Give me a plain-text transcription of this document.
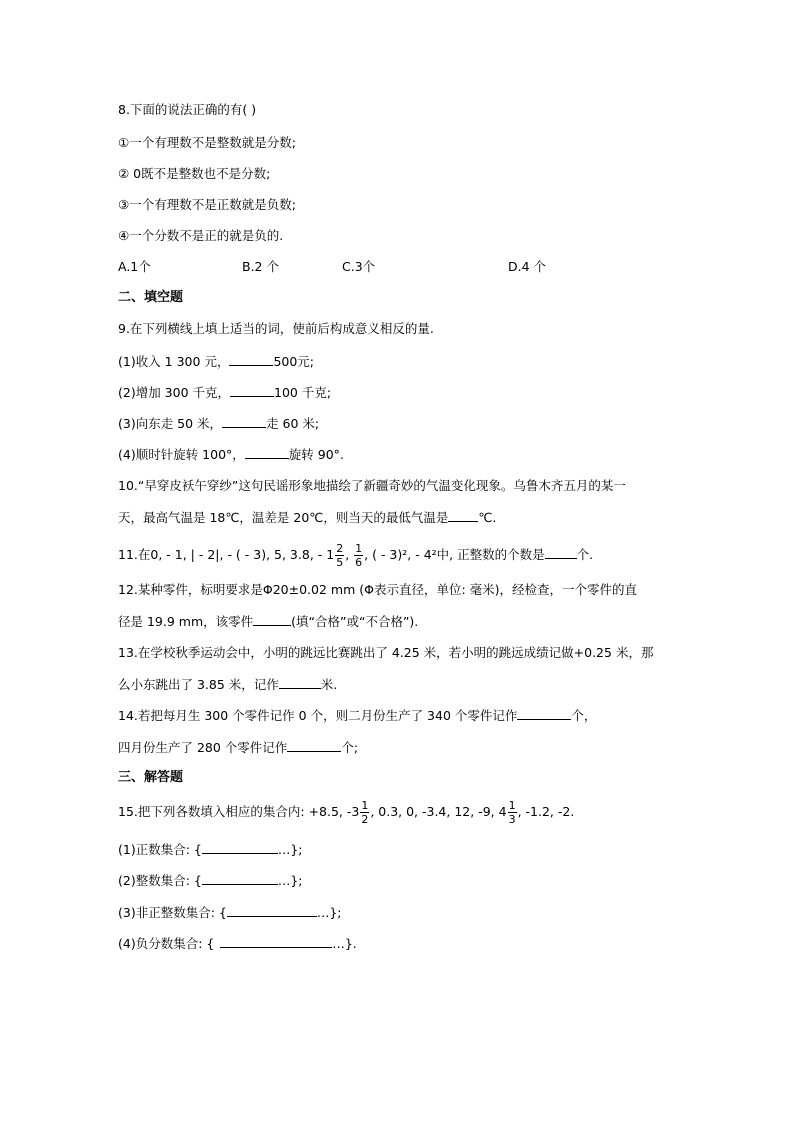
8.下面的说法正确的有( )
①一个有理数不是整数就是分数;
② 0既不是整数也不是分数;
③一个有理数不是正数就是负数;
④一个分数不是正的就是负的.
A.1个	B.2 个	C.3个	D.4 个
二、填空题
9.在下列横线上填上适当的词，使前后构成意义相反的量.
(1)收入 1 300 元，	500元;
(2)增加 300 千克，	100 千克;
(3)向东走 50 米，	走 60 米;
(4)顺时针旋转 100°，	旋转 90°.
10.“早穿皮袄午穿纱”这句民谣形象地描绘了新疆奇妙的气温变化现象。乌鲁木齐五月的某一
天，最高气温是 18℃，温差是 20℃，则当天的最低气温是 ℃.
11.在0, - 1, | - 2|, - ( - 3), 5, 3.8, - $1 \frac{2}{5}$ , $\frac{1}{6}$ , ( - 3)², - 4²中, 正整数的个数是	个.
12.某种零件，标明要求是Φ20±0.02 mm (Φ表示直径，单位: 毫米)，经检查，一个零件的直
径是 19.9 mm，该零件	(填“合格”或“不合格”).
13.在学校秋季运动会中，小明的跳远比赛跳出了 4.25 米，若小明的跳远成绩记做+0.25 米，那
么小东跳出了 3.85 米，记作	米.
14.若把每月生 300 个零件记作 0 个，则二月份生产了 340 个零件记作	个，
四月份生产了 280 个零件记作	个;
三、解答题
15.把下列各数填入相应的集合内: +8.5, $-3 \frac{1}{2}$ , 0.3, 0, -3.4, 12, -9, $4 \frac{1}{3}$ , -1.2, -2.
(1)正数集合: {	…};
(2)整数集合: {	…};
(3)非正整数集合: {	…};
(4)负分数集合: {	…}.
